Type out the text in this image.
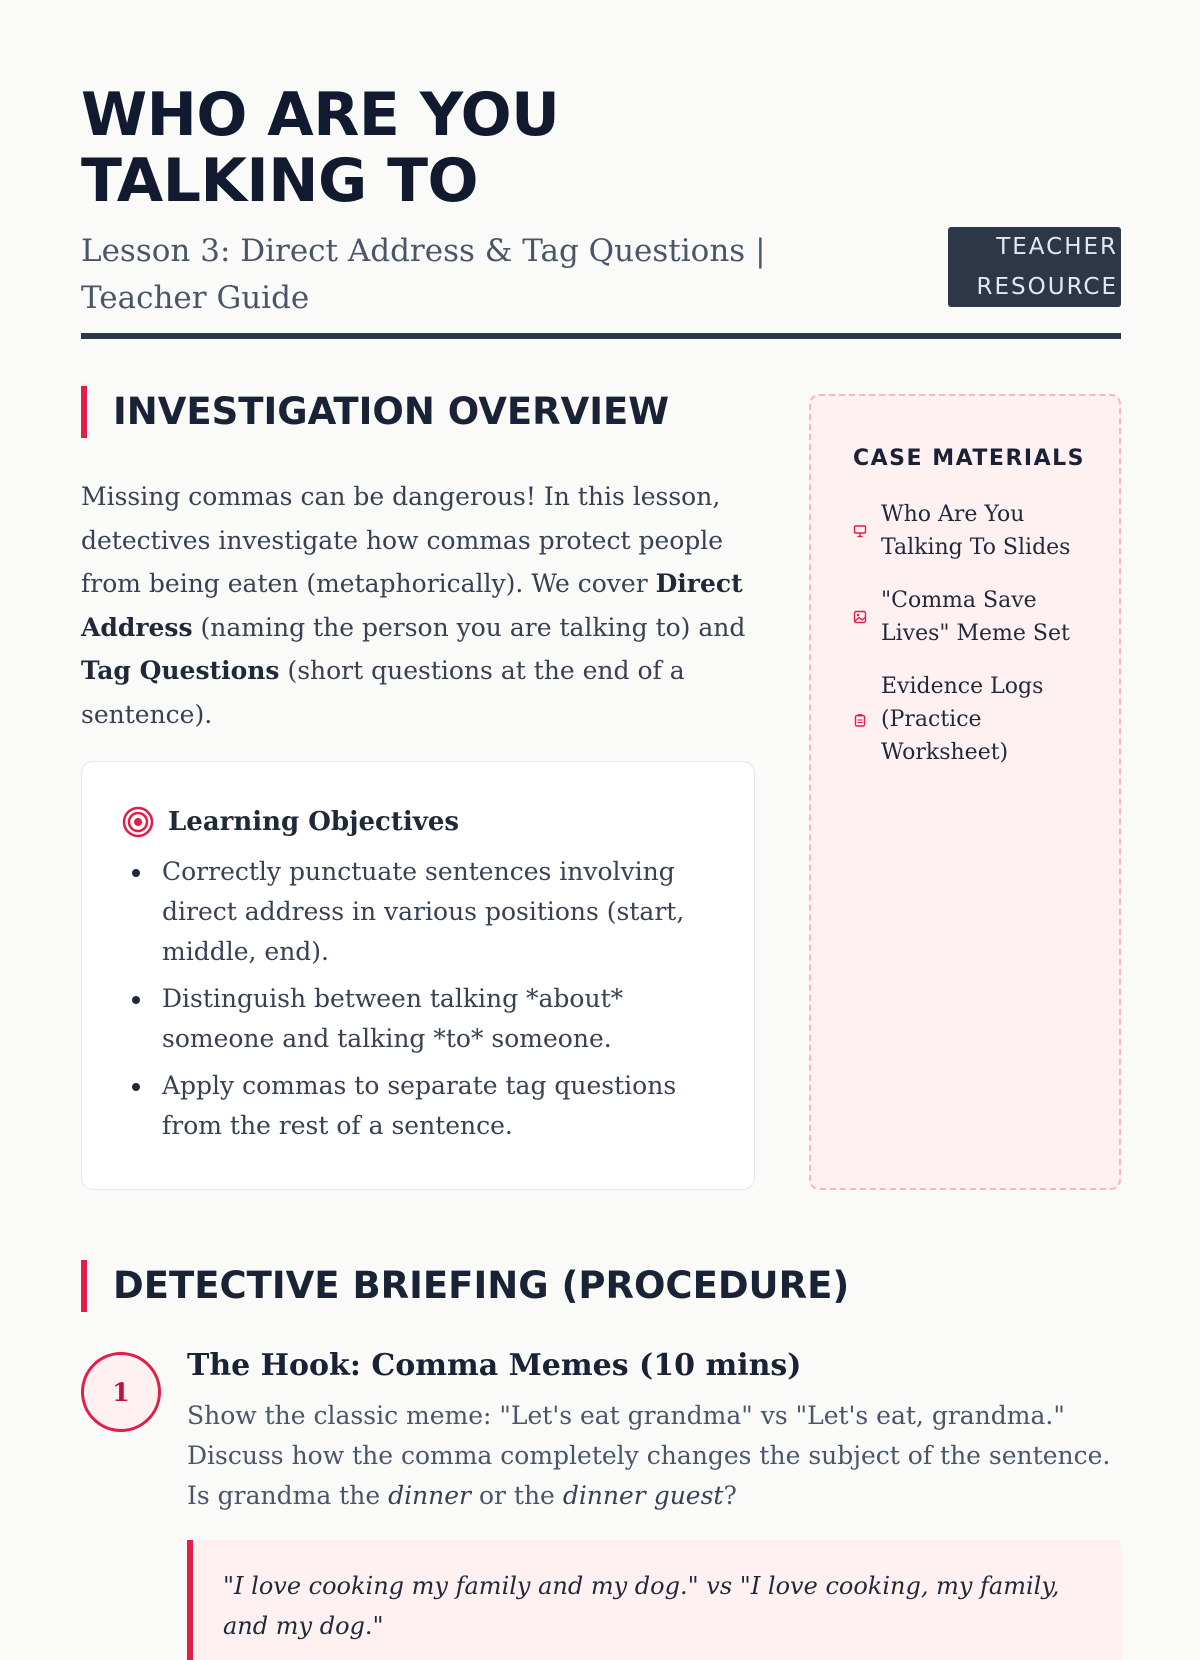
WHO ARE YOU TALKING TO
Lesson 3: Direct Address & Tag Questions | Teacher Guide
TEACHER RESOURCE
INVESTIGATION OVERVIEW

Missing commas can be dangerous! In this lesson, detectives investigate how commas protect people from being eaten (metaphorically). We cover Direct Address (naming the person you are talking to) and Tag Questions (short questions at the end of a sentence).

Learning Objectives
Correctly punctuate sentences involving direct address in various positions (start, middle, end).
Distinguish between talking *about* someone and talking *to* someone.
Apply commas to separate tag questions from the rest of a sentence.
CASE MATERIALS
Who Are You Talking To Slides
"Comma Save Lives" Meme Set
Evidence Logs (Practice Worksheet)
DETECTIVE BRIEFING (PROCEDURE)
1
The Hook: Comma Memes (10 mins)

Show the classic meme: "Let's eat grandma" vs "Let's eat, grandma." Discuss how the comma completely changes the subject of the sentence. Is grandma the dinner or the dinner guest?

"I love cooking my family and my dog." vs "I love cooking, my family, and my dog."
